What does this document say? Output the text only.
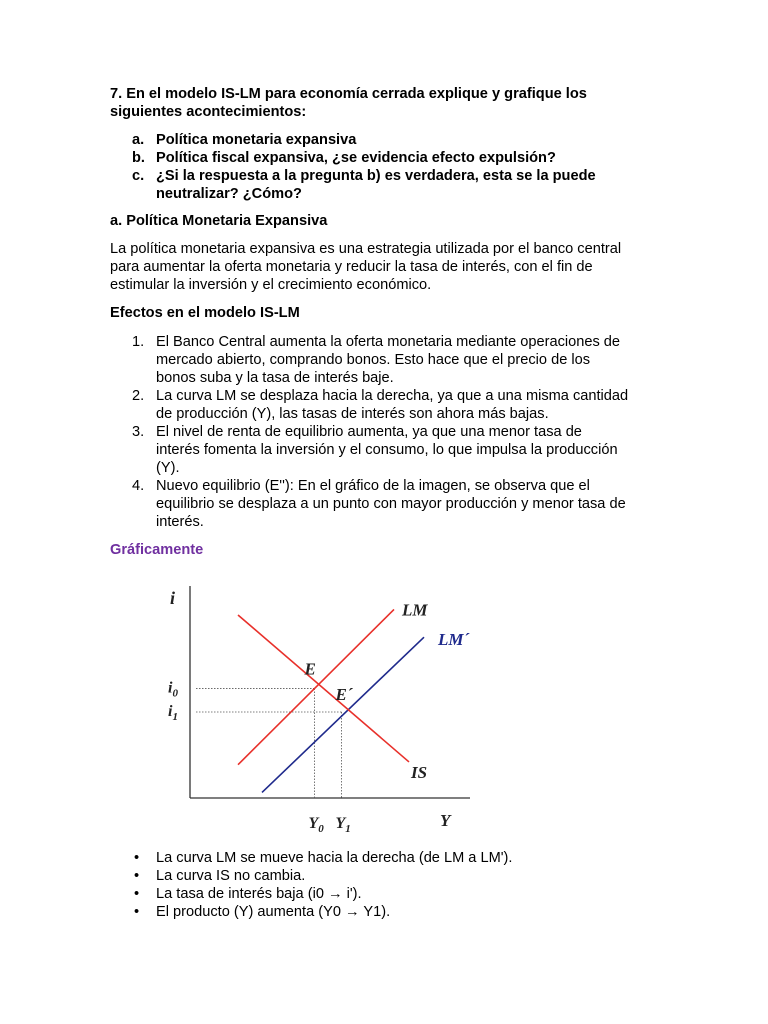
7. En el modelo IS-LM para economía cerrada explique y grafique los

siguientes acontecimientos:

a. Política monetaria expansiva
b. Política fiscal expansiva, ¿se evidencia efecto expulsión?
c. ¿Si la respuesta a la pregunta b) es verdadera, esta se la puede
neutralizar? ¿Cómo?
a. Política Monetaria Expansiva

La política monetaria expansiva es una estrategia utilizada por el banco central

para aumentar la oferta monetaria y reducir la tasa de interés, con el fin de

estimular la inversión y el crecimiento económico.

Efectos en el modelo IS-LM
1. El Banco Central aumenta la oferta monetaria mediante operaciones de
mercado abierto, comprando bonos. Esto hace que el precio de los
bonos suba y la tasa de interés baje.
2. La curva LM se desplaza hacia la derecha, ya que a una misma cantidad
de producción (Y), las tasas de interés son ahora más bajas.
3. El nivel de renta de equilibrio aumenta, ya que una menor tasa de
interés fomenta la inversión y el consumo, lo que impulsa la producción
(Y).
4. Nuevo equilibrio (E''): En el gráfico de la imagen, se observa que el
equilibrio se desplaza a un punto con mayor producción y menor tasa de
interés.
Gráficamente
i
Y
LM
LM´
IS
E
E´
$i_0$
$i_1$
$Y_0$ $Y_1$
• La curva LM se mueve hacia la derecha (de LM a LM').
• La curva IS no cambia.
• La tasa de interés baja (i0 → i').
• El producto (Y) aumenta (Y0 → Y1).
